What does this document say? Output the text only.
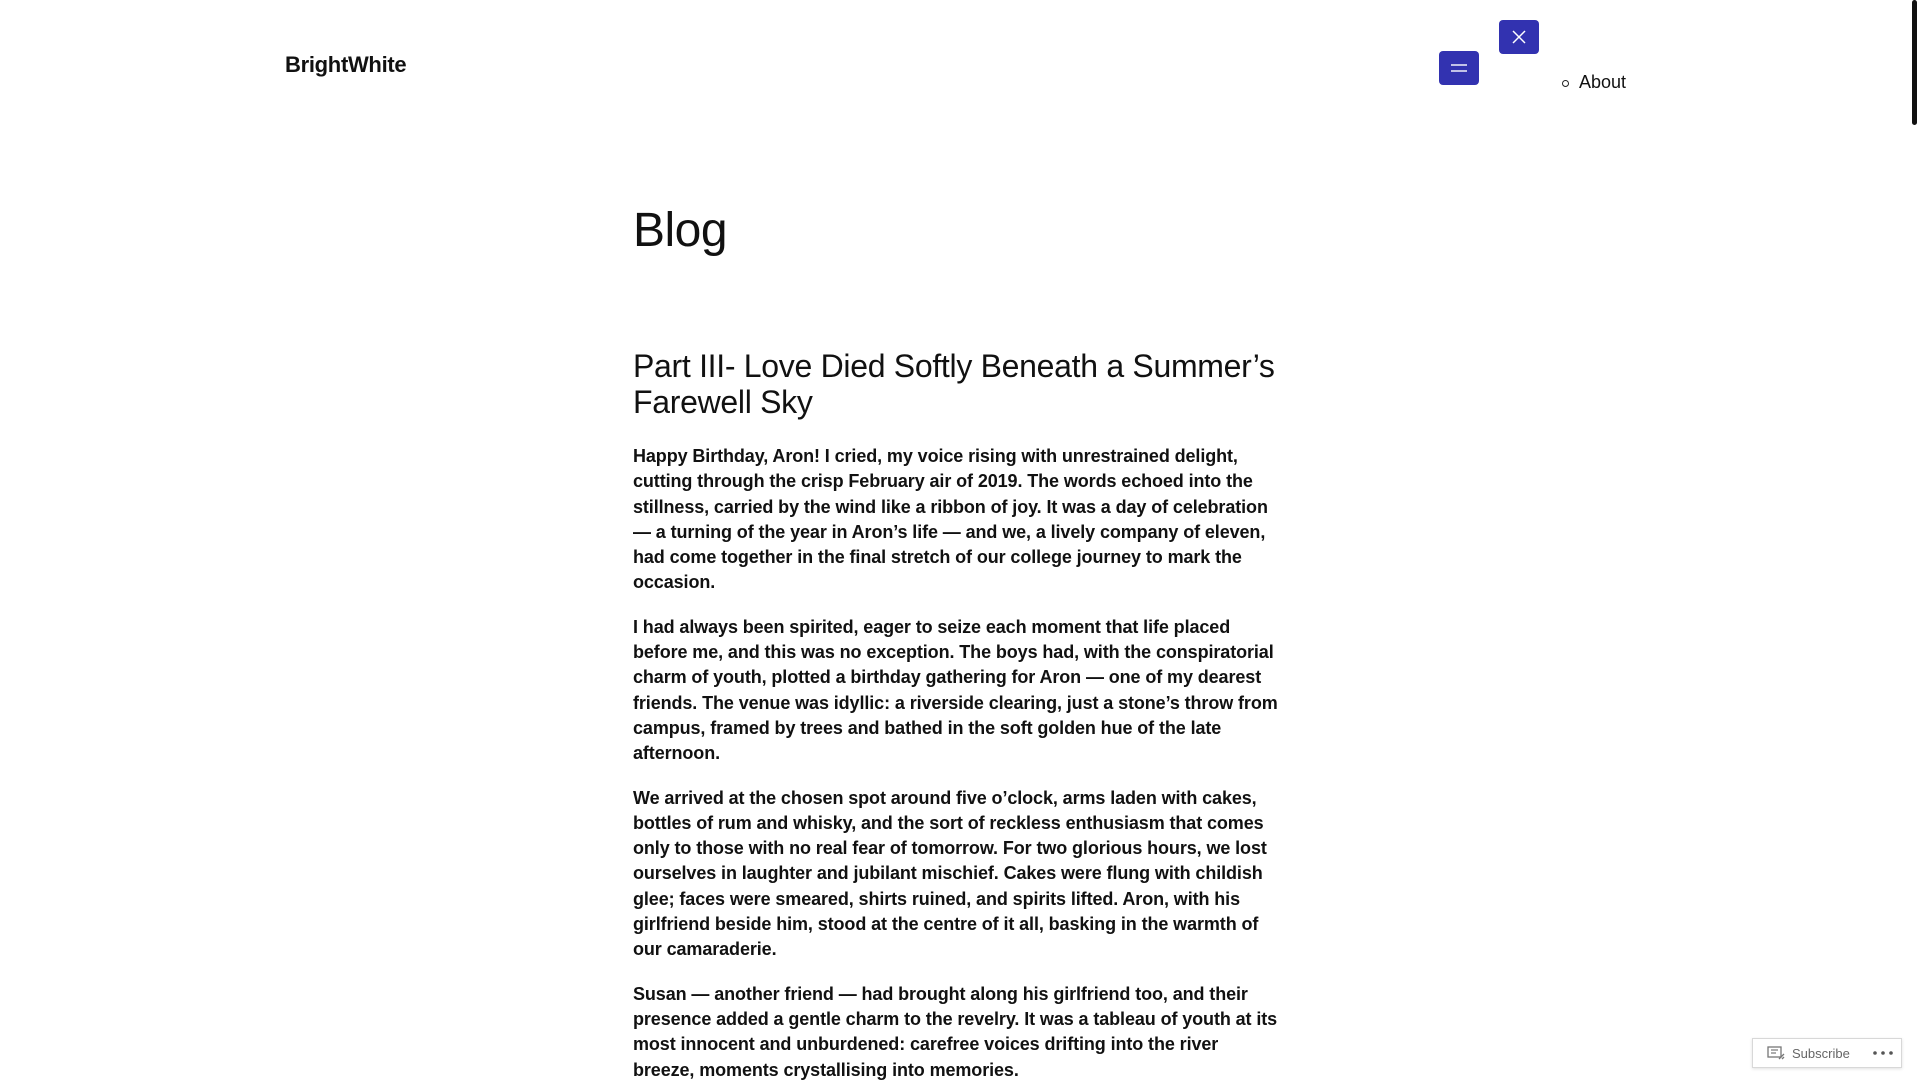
BrightWhite
About
Blog
Part III- Love Died Softly Beneath a Summer’s Farewell Sky

Happy Birthday, Aron! I cried, my voice rising with unrestrained delight, cutting through the crisp February air of 2019. The words echoed into the stillness, carried by the wind like a ribbon of joy. It was a day of celebration — a turning of the year in Aron’s life — and we, a lively company of eleven, had come together in the final stretch of our college journey to mark the occasion.

I had always been spirited, eager to seize each moment that life placed before me, and this was no exception. The boys had, with the conspiratorial charm of youth, plotted a birthday gathering for Aron — one of my dearest friends. The venue was idyllic: a riverside clearing, just a stone’s throw from campus, framed by trees and bathed in the soft golden hue of the late afternoon.

We arrived at the chosen spot around five o’clock, arms laden with cakes, bottles of rum and whisky, and the sort of reckless enthusiasm that comes only to those with no real fear of tomorrow. For two glorious hours, we lost ourselves in laughter and jubilant mischief. Cakes were flung with childish glee; faces were smeared, shirts ruined, and spirits lifted. Aron, with his girlfriend beside him, stood at the centre of it all, basking in the warmth of our camaraderie.

Susan — another friend — had brought along his girlfriend too, and their presence added a gentle charm to the revelry. It was a tableau of youth at its most innocent and unburdened: carefree voices drifting into the river breeze, moments crystallising into memories.

Subscribe
